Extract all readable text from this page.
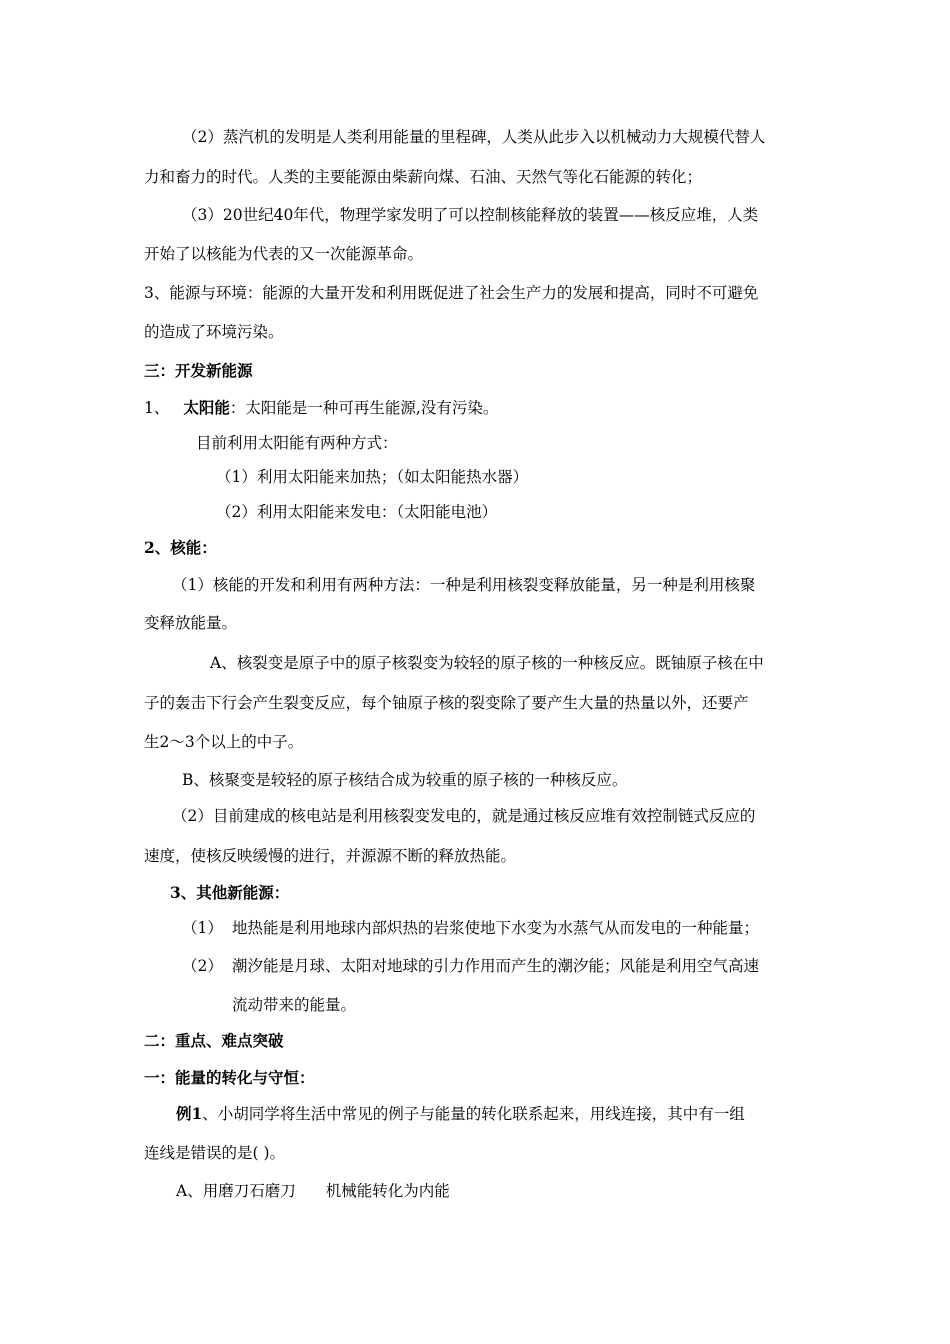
（2）蒸汽机的发明是人类利用能量的里程碑，人类从此步入以机械动力大规模代替人
力和畜力的时代。人类的主要能源由柴薪向煤、石油、天然气等化石能源的转化；
（3）20世纪40年代，物理学家发明了可以控制核能释放的装置——核反应堆，人类
开始了以核能为代表的又一次能源革命。
3、能源与环境：能源的大量开发和利用既促进了社会生产力的发展和提高，同时不可避免
的造成了环境污染。
三：开发新能源
1、 太阳能：太阳能是一种可再生能源,没有污染。
目前利用太阳能有两种方式：
（1）利用太阳能来加热；（如太阳能热水器）
（2）利用太阳能来发电：（太阳能电池）
2、核能：
（1）核能的开发和利用有两种方法：一种是利用核裂变释放能量，另一种是利用核聚
变释放能量。
A、核裂变是原子中的原子核裂变为较轻的原子核的一种核反应。既铀原子核在中
子的轰击下行会产生裂变反应，每个铀原子核的裂变除了要产生大量的热量以外，还要产
生2～3个以上的中子。
B、核聚变是较轻的原子核结合成为较重的原子核的一种核反应。
（2）目前建成的核电站是利用核裂变发电的，就是通过核反应堆有效控制链式反应的
速度，使核反映缓慢的进行，并源源不断的释放热能。
3、其他新能源：
（1） 地热能是利用地球内部炽热的岩浆使地下水变为水蒸气从而发电的一种能量；
（2） 潮汐能是月球、太阳对地球的引力作用而产生的潮汐能；风能是利用空气高速
流动带来的能量。
二：重点、难点突破
一：能量的转化与守恒：
例1、小胡同学将生活中常见的例子与能量的转化联系起来，用线连接，其中有一组
连线是错误的是( )。
A、用磨刀石磨刀 机械能转化为内能
